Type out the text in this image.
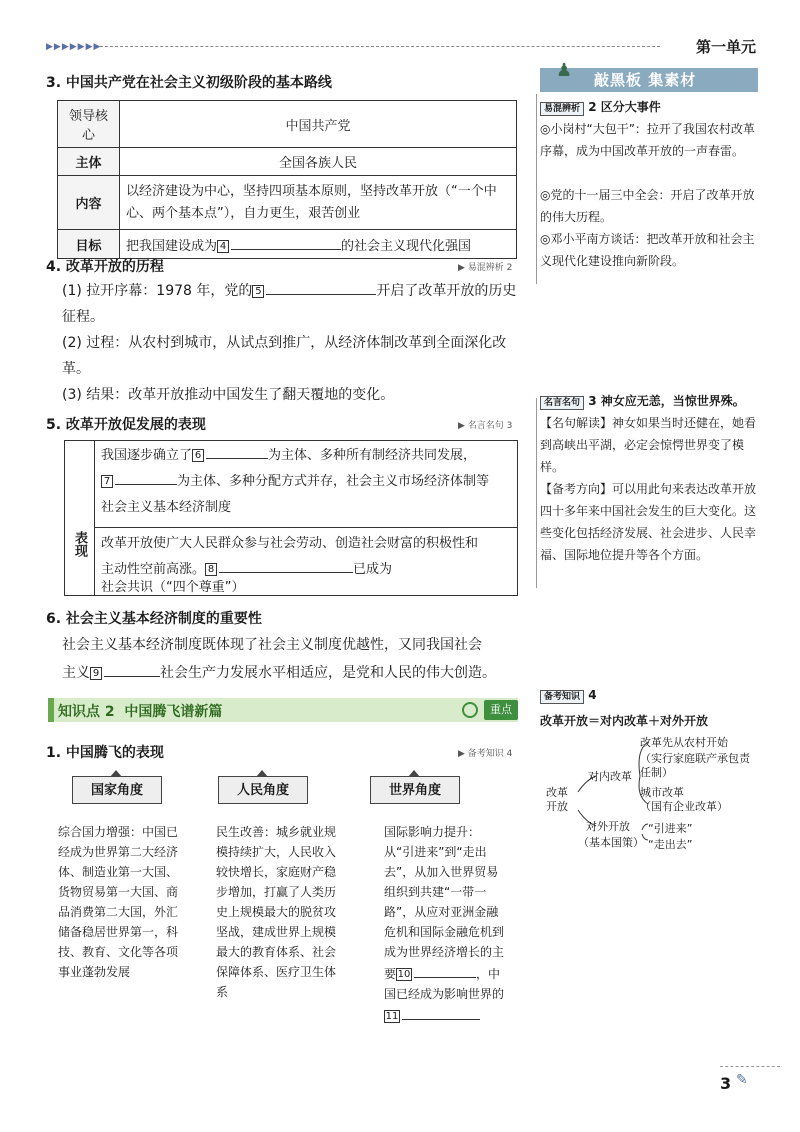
▶▶▶▶▶▶▶	第一单元
3. 中国共产党在社会主义初级阶段的基本路线
领导核心	中国共产党
主体	全国各族人民
内容	以经济建设为中心，坚持四项基本原则，坚持改革开放（“一个中心、两个基本点”），自力更生，艰苦创业
目标	把我国建设成为 4 的社会主义现代化强国
4. 改革开放的历程	▶ 易混辨析 2
(1) 拉开序幕：1978 年，党的 5	开启了改革开放的历史征程。
(2) 过程：从农村到城市，从试点到推广，从经济体制改革到全面深化改革。
(3) 结果：改革开放推动中国发生了翻天覆地的变化。
5. 改革开放促发展的表现	▶ 名言名句 3
表现
我国逐步确立了 6	为主体、多种所有制经济共同发展，
7	为主体、多种分配方式并存，社会主义市场经济体制等
社会主义基本经济制度
改革开放使广大人民群众参与社会劳动、创造社会财富的积极性和
主动性空前高涨。 8	已成为
社会共识（“四个尊重”）
6. 社会主义基本经济制度的重要性
社会主义基本经济制度既体现了社会主义制度优越性，又同我国社会
主义 9	社会生产力发展水平相适应，是党和人民的伟大创造。
知识点 2 中国腾飞谱新篇	重点
1. 中国腾飞的表现	▶ 备考知识 4
国家角度
综合国力增强：中国已经成为世界第二大经济体、制造业第一大国、货物贸易第一大国、商品消费第二大国，外汇储备稳居世界第一，科技、教育、文化等各项事业蓬勃发展
人民角度
民生改善：城乡就业规模持续扩大，人民收入较快增长，家庭财产稳步增加，打赢了人类历史上规模最大的脱贫攻坚战，建成世界上规模最大的教育体系、社会保障体系、医疗卫生体系
世界角度
国际影响力提升：从“引进来”到“走出去”，从加入世界贸易组织到共建“一带一路”，从应对亚洲金融危机和国际金融危机到成为世界经济增长的主要 10	，中国已经成为影响世界的11
敲黑板 集素材
♟
易混辨析 2 区分大事件
◎小岗村“大包干”：拉开了我国农村改革序幕，成为中国改革开放的一声春雷。
◎党的十一届三中全会：开启了改革开放的伟大历程。
◎邓小平南方谈话：把改革开放和社会主义现代化建设推向新阶段。
名言名句 3 神女应无恙，当惊世界殊。
【名句解读】神女如果当时还健在，她看到高峡出平湖，必定会惊愕世界变了模样。
【备考方向】可以用此句来表达改革开放四十多年来中国社会发生的巨大变化。这些变化包括经济发展、社会进步、人民幸福、国际地位提升等各个方面。
备考知识 4
改革开放＝对内改革＋对外开放
改革开放
对内改革
改革先从农村开始
（实行家庭联产承包责任制）
城市改革
（国有企业改革）
对外开放
（基本国策）
“引进来”
“走出去”
3 ✎
